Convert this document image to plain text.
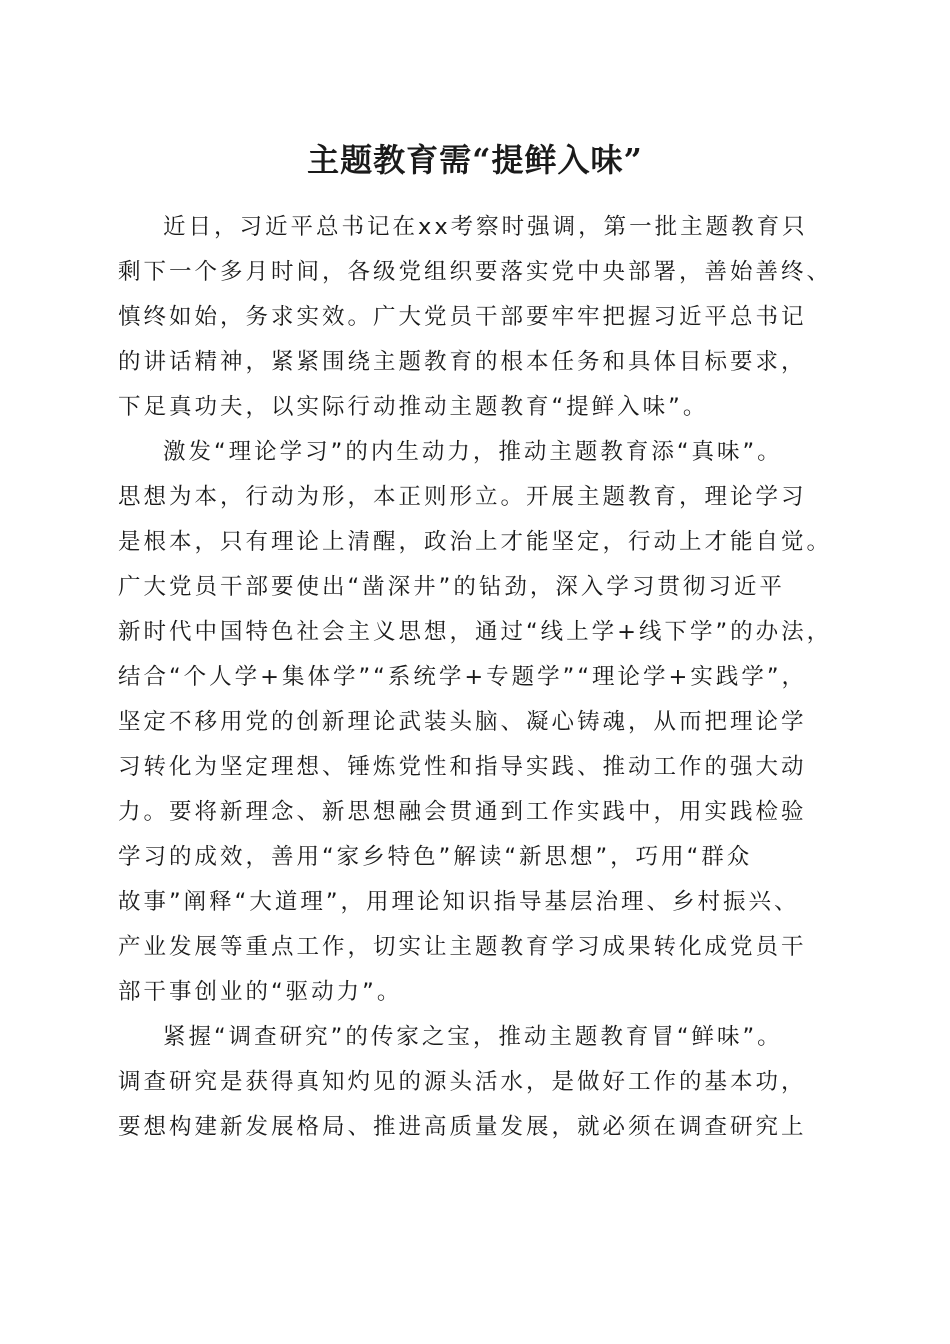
主题教育需“提鲜入味”
近日，习近平总书记在xx考察时强调，第一批主题教育只
剩下一个多月时间，各级党组织要落实党中央部署，善始善终、
慎终如始，务求实效。广大党员干部要牢牢把握习近平总书记
的讲话精神，紧紧围绕主题教育的根本任务和具体目标要求，
下足真功夫，以实际行动推动主题教育“提鲜入味”。
激发“理论学习”的内生动力，推动主题教育添“真味”。
思想为本，行动为形，本正则形立。开展主题教育，理论学习
是根本，只有理论上清醒，政治上才能坚定，行动上才能自觉。
广大党员干部要使出“凿深井”的钻劲，深入学习贯彻习近平
新时代中国特色社会主义思想，通过“线上学+线下学”的办法，
结合“个人学+集体学”“系统学+专题学”“理论学+实践学”，
坚定不移用党的创新理论武装头脑、凝心铸魂，从而把理论学
习转化为坚定理想、锤炼党性和指导实践、推动工作的强大动
力。要将新理念、新思想融会贯通到工作实践中，用实践检验
学习的成效，善用“家乡特色”解读“新思想”，巧用“群众
故事”阐释“大道理”，用理论知识指导基层治理、乡村振兴、
产业发展等重点工作，切实让主题教育学习成果转化成党员干
部干事创业的“驱动力”。
紧握“调查研究”的传家之宝，推动主题教育冒“鲜味”。
调查研究是获得真知灼见的源头活水，是做好工作的基本功，
要想构建新发展格局、推进高质量发展，就必须在调查研究上
